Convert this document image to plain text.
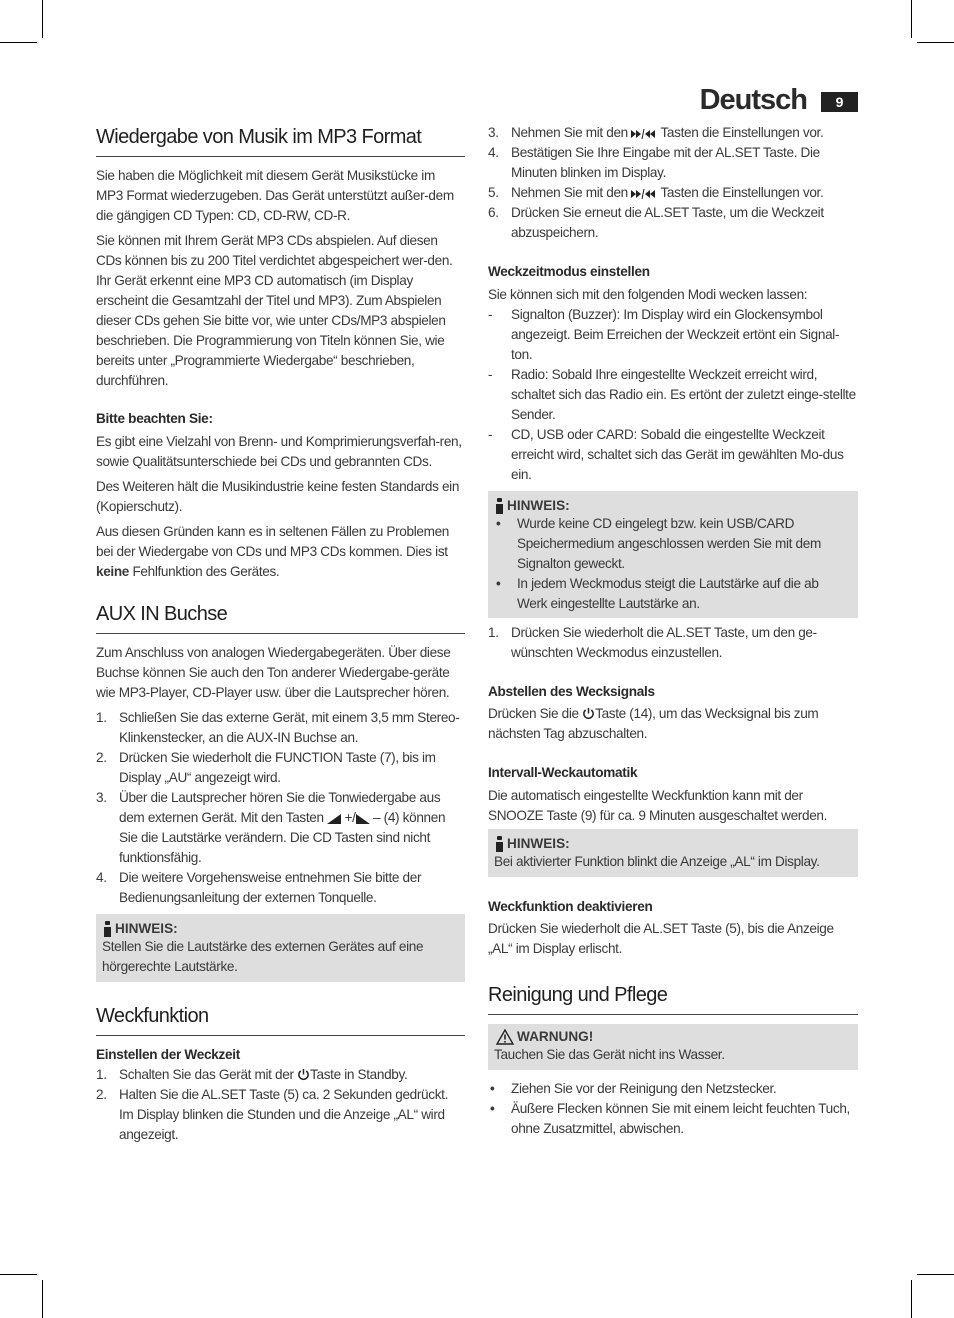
Deutsch	9
Wiedergabe von Musik im MP3 Format

Sie haben die Möglichkeit mit diesem Gerät Musikstücke im MP3 Format wiederzugeben. Das Gerät unterstützt außer-dem die gängigen CD Typen: CD, CD-RW, CD-R.

Sie können mit Ihrem Gerät MP3 CDs abspielen. Auf diesen CDs können bis zu 200 Titel verdichtet abgespeichert wer-den. Ihr Gerät erkennt eine MP3 CD automatisch (im Display erscheint die Gesamtzahl der Titel und MP3). Zum Abspielen dieser CDs gehen Sie bitte vor, wie unter CDs/MP3 abspielen beschrieben. Die Programmierung von Titeln können Sie, wie bereits unter „Programmierte Wiedergabe“ beschrieben, durchführen.

Bitte beachten Sie:

Es gibt eine Vielzahl von Brenn- und Komprimierungsverfah-ren, sowie Qualitätsunterschiede bei CDs und gebrannten CDs.

Des Weiteren hält die Musikindustrie keine festen Standards ein (Kopierschutz).

Aus diesen Gründen kann es in seltenen Fällen zu Problemen bei der Wiedergabe von CDs und MP3 CDs kommen. Dies ist keine Fehlfunktion des Gerätes.

AUX IN Buchse

Zum Anschluss von analogen Wiedergabegeräten. Über diese Buchse können Sie auch den Ton anderer Wiedergabe-geräte wie MP3-Player, CD-Player usw. über die Lautsprecher hören.

1. Schließen Sie das externe Gerät, mit einem 3,5 mm Stereo-Klinkenstecker, an die AUX-IN Buchse an.
2. Drücken Sie wiederholt die FUNCTION Taste (7), bis im Display „AU“ angezeigt wird.
3. Über die Lautsprecher hören Sie die Tonwiedergabe aus dem externen Gerät. Mit den Tasten  +/ – (4) können Sie die Lautstärke verändern. Die CD Tasten sind nicht funktionsfähig.
4. Die weitere Vorgehensweise entnehmen Sie bitte der Bedienungsanleitung der externen Tonquelle.
HINWEIS:

Stellen Sie die Lautstärke des externen Gerätes auf eine hörgerechte Lautstärke.

Weckfunktion
Einstellen der Weckzeit
1. Schalten Sie das Gerät mit der Taste in Standby.
2. Halten Sie die AL.SET Taste (5) ca. 2 Sekunden gedrückt. Im Display blinken die Stunden und die Anzeige „AL“ wird angezeigt.
3. Nehmen Sie mit den  Tasten die Einstellungen vor.
4. Bestätigen Sie Ihre Eingabe mit der AL.SET Taste. Die Minuten blinken im Display.
5. Nehmen Sie mit den  Tasten die Einstellungen vor.
6. Drücken Sie erneut die AL.SET Taste, um die Weckzeit abzuspeichern.
Weckzeitmodus einstellen

Sie können sich mit den folgenden Modi wecken lassen:

-	Signalton (Buzzer): Im Display wird ein Glockensymbol angezeigt. Beim Erreichen der Weckzeit ertönt ein Signal-ton.
-	Radio: Sobald Ihre eingestellte Weckzeit erreicht wird, schaltet sich das Radio ein. Es ertönt der zuletzt einge-stellte Sender.
-	CD, USB oder CARD: Sobald die eingestellte Weckzeit erreicht wird, schaltet sich das Gerät im gewählten Mo-dus ein.
HINWEIS:
•	Wurde keine CD eingelegt bzw. kein USB/CARD Speichermedium angeschlossen werden Sie mit dem Signalton geweckt.
•	In jedem Weckmodus steigt die Lautstärke auf die ab Werk eingestellte Lautstärke an.
1. Drücken Sie wiederholt die AL.SET Taste, um den ge-wünschten Weckmodus einzustellen.
Abstellen des Wecksignals

Drücken Sie die Taste (14), um das Wecksignal bis zum nächsten Tag abzuschalten.

Intervall-Weckautomatik

Die automatisch eingestellte Weckfunktion kann mit der SNOOZE Taste (9) für ca. 9 Minuten ausgeschaltet werden.

HINWEIS:

Bei aktivierter Funktion blinkt die Anzeige „AL“ im Display.

Weckfunktion deaktivieren

Drücken Sie wiederholt die AL.SET Taste (5), bis die Anzeige „AL“ im Display erlischt.

Reinigung und Pflege
WARNUNG!

Tauchen Sie das Gerät nicht ins Wasser.

•	Ziehen Sie vor der Reinigung den Netzstecker.
•	Äußere Flecken können Sie mit einem leicht feuchten Tuch, ohne Zusatzmittel, abwischen.
